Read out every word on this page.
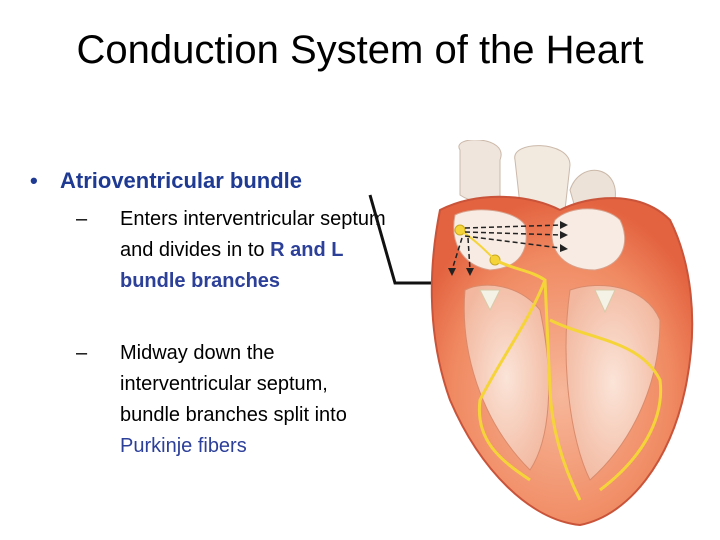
Conduction System of the Heart
• Atrioventricular bundle
– Enters interventricular septum and divides in to R and L bundle branches
– Midway down the interventricular septum, bundle branches split into Purkinje fibers
